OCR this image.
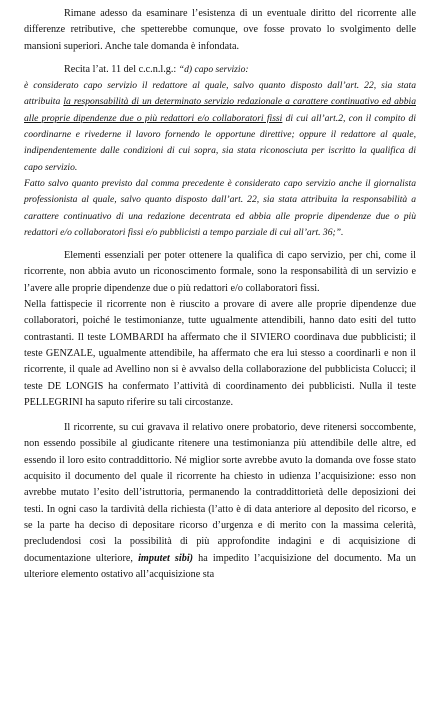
Rimane adesso da esaminare l’esistenza di un eventuale diritto del ricorrente alle differenze retributive, che spetterebbe comunque, ove fosse provato lo svolgimento delle mansioni superiori. Anche tale domanda è infondata.

Recita l’at. 11 del c.c.n.l.g.: “d) capo servizio:

è considerato capo servizio il redattore al quale, salvo quanto disposto dall’art. 22, sia stata attribuita la responsabilità di un determinato servizio redazionale a carattere continuativo ed abbia alle proprie dipendenze due o più redattori e/o collaboratori fissi di cui all’art.2, con il compito di coordinarne e rivederne il lavoro fornendo le opportune direttive; oppure il redattore al quale, indipendentemente dalle condizioni di cui sopra, sia stata riconosciuta per iscritto la qualifica di capo servizio.

Fatto salvo quanto previsto dal comma precedente è considerato capo servizio anche il giornalista professionista al quale, salvo quanto disposto dall’art. 22, sia stata attribuita la responsabilità a carattere continuativo di una redazione decentrata ed abbia alle proprie dipendenze due o più redattori e/o collaboratori fissi e/o pubblicisti a tempo parziale di cui all’art. 36;”.

Elementi essenziali per poter ottenere la qualifica di capo servizio, per chi, come il ricorrente, non abbia avuto un riconoscimento formale, sono la responsabilità di un servizio e l’avere alle proprie dipendenze due o più redattori e/o collaboratori fissi.

Nella fattispecie il ricorrente non è riuscito a provare di avere alle proprie dipendenze due collaboratori, poiché le testimonianze, tutte ugualmente attendibili, hanno dato esiti del tutto contrastanti. Il teste LOMBARDI ha affermato che il SIVIERO coordinava due pubblicisti; il teste GENZALE, ugualmente attendibile, ha affermato che era lui stesso a coordinarli e non il ricorrente, il quale ad Avellino non si è avvalso della collaborazione del pubblicista Colucci; il teste DE LONGIS ha confermato l’attività di coordinamento dei pubblicisti. Nulla il teste PELLEGRINI ha saputo riferire su tali circostanze.

Il ricorrente, su cui gravava il relativo onere probatorio, deve ritenersi soccombente, non essendo possibile al giudicante ritenere una testimonianza più attendibile delle altre, ed essendo il loro esito contraddittorio. Né miglior sorte avrebbe avuto la domanda ove fosse stato acquisito il documento del quale il ricorrente ha chiesto in udienza l’acquisizione: esso non avrebbe mutato l’esito dell’istruttoria, permanendo la contraddittorietà delle deposizioni dei testi. In ogni caso la tardività della richiesta (l’atto è di data anteriore al deposito del ricorso, e se la parte ha deciso di depositare ricorso d’urgenza e di merito con la massima celerità, precludendosi così la possibilità di più approfondite indagini e di acquisizione di documentazione ulteriore, imputet sibi) ha impedito l’acquisizione del documento. Ma un ulteriore elemento ostativo all’acquisizione sta
